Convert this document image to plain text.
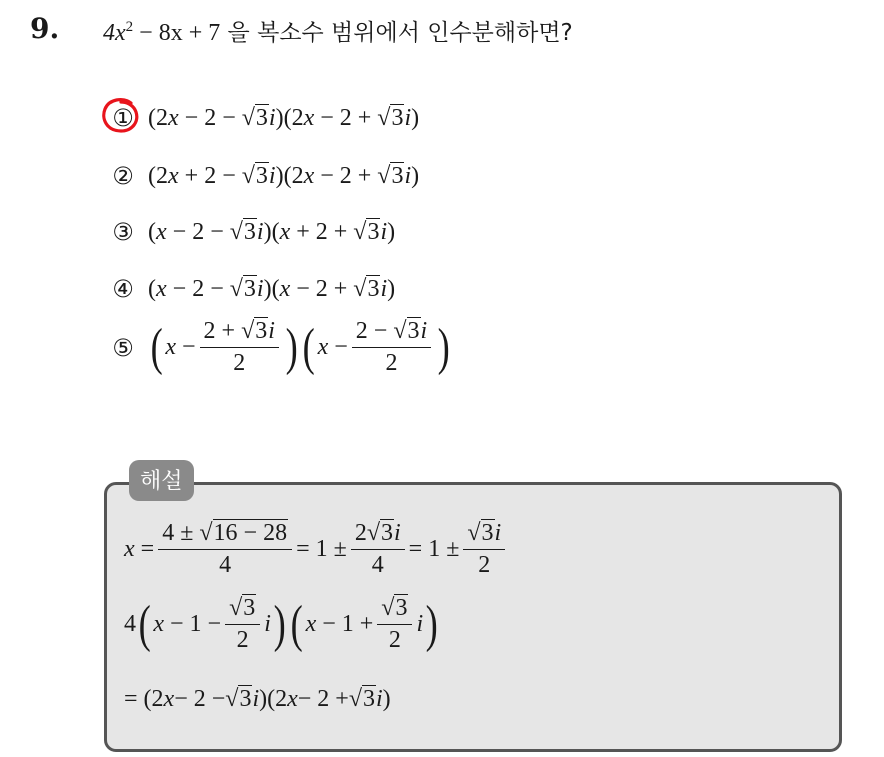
9. $4x^2 - 8x + 7$ 을 복소수 범위에서 인수분해하면?
① (2x − 2 − √3i)(2x − 2 + √3i)
② (2x + 2 − √3i)(2x − 2 + √3i)
③ (x − 2 − √3i)(x + 2 + √3i)
④ (x − 2 − √3i)(x − 2 + √3i)
⑤ ( $x - \frac{2 + √3i}{2}$ ) ( $x - \frac{2 - √3i}{2}$ )
해설
$x = \frac{4 \pm √16 - 28}{4} = 1 \pm \frac{2√3i}{4} = 1 \pm \frac{√3i}{2}$
4 ( $x - 1 - \frac{√3}{2}$ i ) ( $x - 1 + \frac{√3}{2}$ i )
= (2 x − 2 − √3 i )(2 x − 2 + √3 i )
